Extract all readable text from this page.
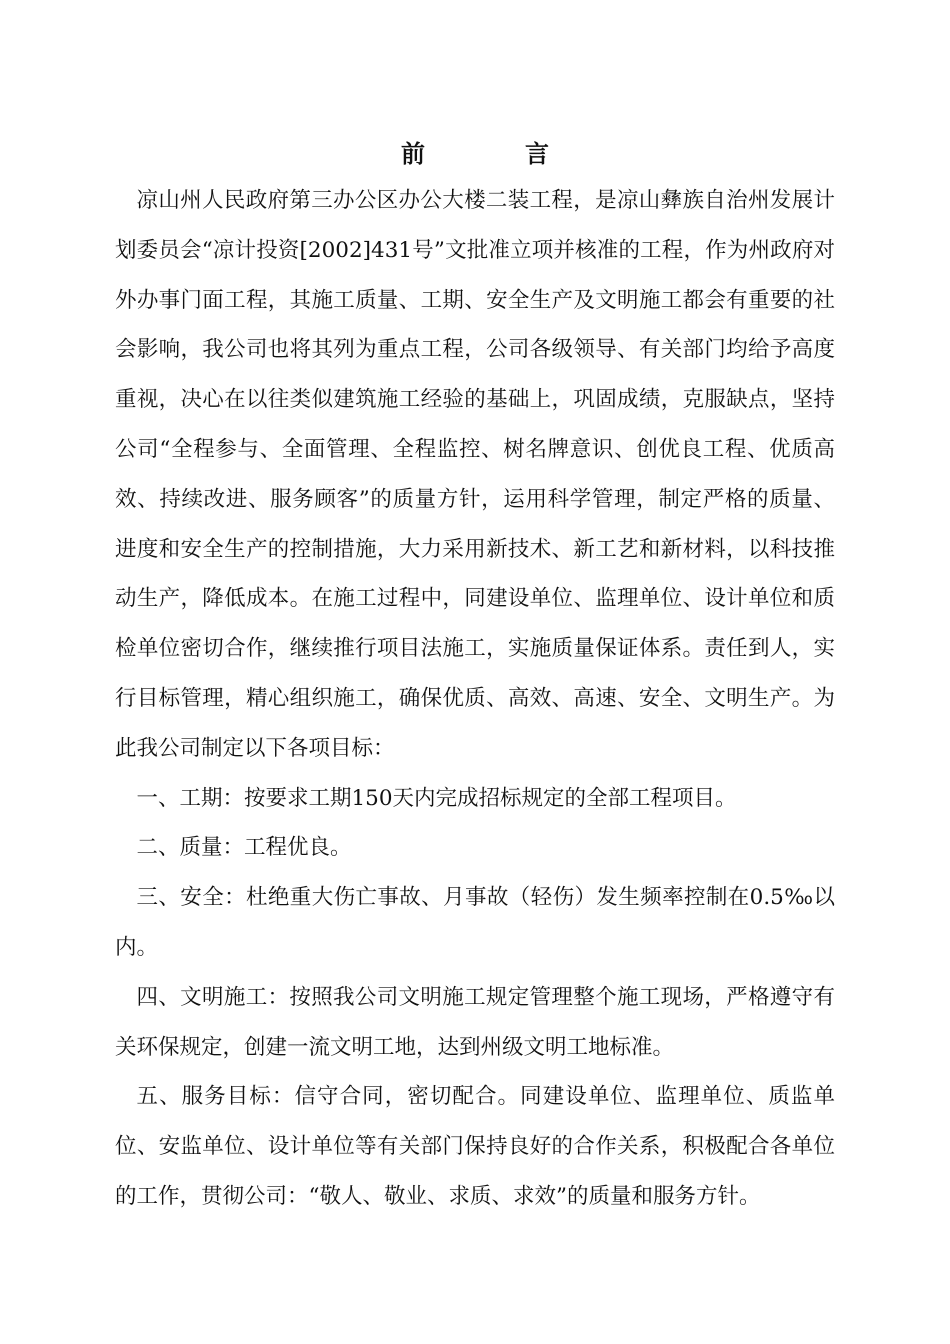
前　言

凉山州人民政府第三办公区办公大楼二装工程，是凉山彝族自治州发展计划委员会“凉计投资[2002]431号”文批准立项并核准的工程，作为州政府对外办事门面工程，其施工质量、工期、安全生产及文明施工都会有重要的社会影响，我公司也将其列为重点工程，公司各级领导、有关部门均给予高度重视，决心在以往类似建筑施工经验的基础上，巩固成绩，克服缺点，坚持公司“全程参与、全面管理、全程监控、树名牌意识、创优良工程、优质高效、持续改进、服务顾客”的质量方针，运用科学管理，制定严格的质量、进度和安全生产的控制措施，大力采用新技术、新工艺和新材料，以科技推动生产，降低成本。在施工过程中，同建设单位、监理单位、设计单位和质检单位密切合作，继续推行项目法施工，实施质量保证体系。责任到人，实行目标管理，精心组织施工，确保优质、高效、高速、安全、文明生产。为此我公司制定以下各项目标：

一、工期：按要求工期150天内完成招标规定的全部工程项目。

二、质量：工程优良。

三、安全：杜绝重大伤亡事故、月事故（轻伤）发生频率控制在0.5‰以内。

四、文明施工：按照我公司文明施工规定管理整个施工现场，严格遵守有关环保规定，创建一流文明工地，达到州级文明工地标准。

五、服务目标：信守合同，密切配合。同建设单位、监理单位、质监单位、安监单位、设计单位等有关部门保持良好的合作关系，积极配合各单位的工作，贯彻公司：“敬人、敬业、求质、求效”的质量和服务方针。
